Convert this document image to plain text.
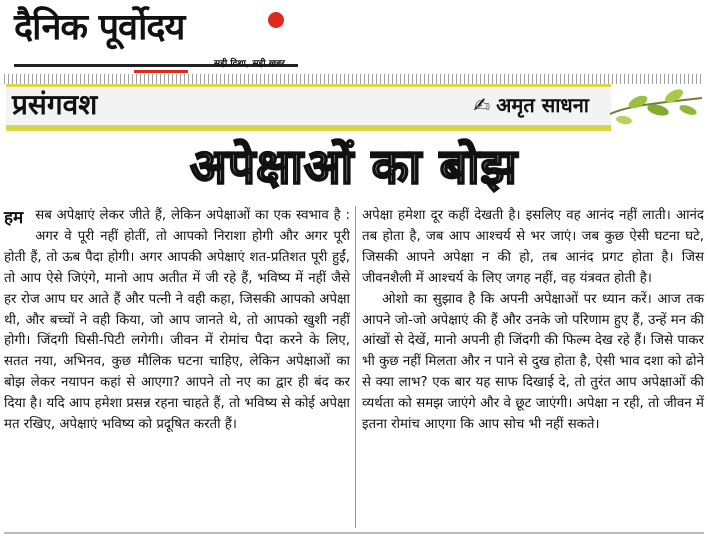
दैनिक पूर्वोदय
सही दिशा, सही खबर
प्रसंगवश	✍ अमृत साधना
अपेक्षाओं का बोझ

हम सब अपेक्षाएं लेकर जीते हैं, लेकिन अपेक्षाओं का एक स्वभाव है : अगर वे पूरी नहीं होतीं, तो आपको निराशा होगी और अगर पूरी होती हैं, तो ऊब पैदा होगी। अगर आपकी अपेक्षाएं शत-प्रतिशत पूरी हुईं, तो आप ऐसे जिएंगे, मानो आप अतीत में जी रहे हैं, भविष्य में नहीं जैसे हर रोज आप घर आते हैं और पत्नी ने वही कहा, जिसकी आपको अपेक्षा थी, और बच्चों ने वही किया, जो आप जानते थे, तो आपको खुशी नहीं होगी। जिंदगी घिसी-पिटी लगेगी। जीवन में रोमांच पैदा करने के लिए, सतत नया, अभिनव, कुछ मौलिक घटना चाहिए, लेकिन अपेक्षाओं का बोझ लेकर नयापन कहां से आएगा? आपने तो नए का द्वार ही बंद कर दिया है। यदि आप हमेशा प्रसन्न रहना चाहते हैं, तो भविष्य से कोई अपेक्षा मत रखिए, अपेक्षाएं भविष्य को प्रदूषित करती हैं।

अपेक्षा हमेशा दूर कहीं देखती है। इसलिए वह आनंद नहीं लाती। आनंद तब होता है, जब आप आश्चर्य से भर जाएं। जब कुछ ऐसी घटना घटे, जिसकी आपने अपेक्षा न की हो, तब आनंद प्रगट होता है। जिस जीवनशैली में आश्चर्य के लिए जगह नहीं, वह यंत्रवत होती है।

ओशो का सुझाव है कि अपनी अपेक्षाओं पर ध्यान करें। आज तक आपने जो-जो अपेक्षाएं की हैं और उनके जो परिणाम हुए हैं, उन्हें मन की आंखों से देखें, मानो अपनी ही जिंदगी की फिल्म देख रहे हैं। जिसे पाकर भी कुछ नहीं मिलता और न पाने से दुख होता है, ऐसी भाव दशा को ढोने से क्या लाभ? एक बार यह साफ दिखाई दे, तो तुरंत आप अपेक्षाओं की व्यर्थता को समझ जाएंगे और वे छूट जाएंगी। अपेक्षा न रही, तो जीवन में इतना रोमांच आएगा कि आप सोच भी नहीं सकते।
